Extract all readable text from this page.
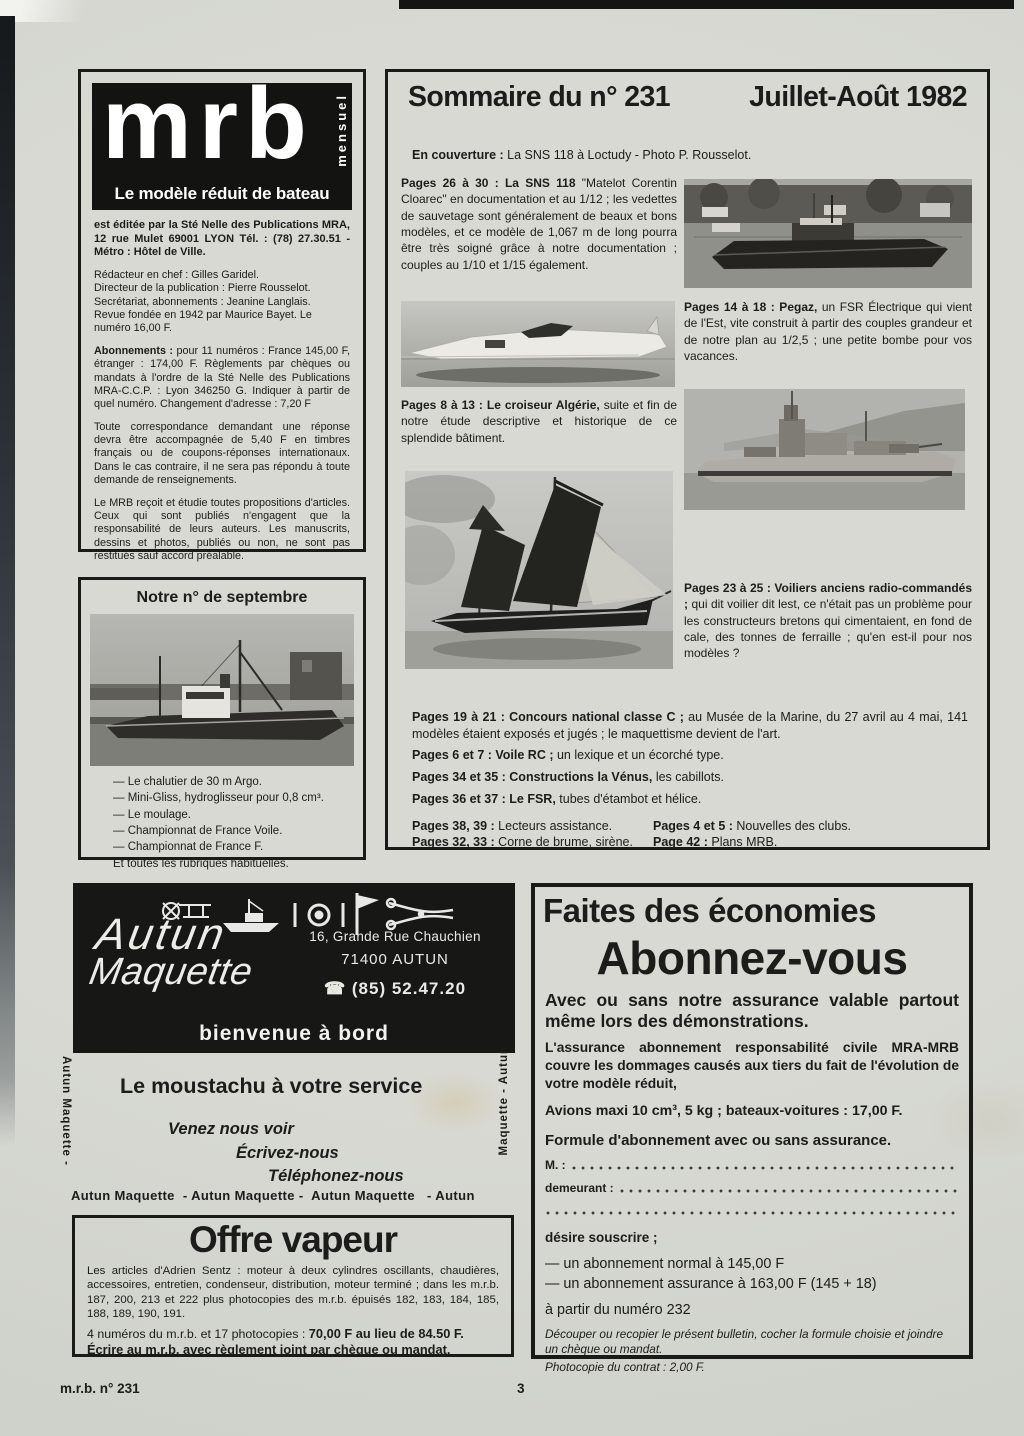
mrb mensuel
Le modèle réduit de bateau

est éditée par la Sté Nelle des Publications MRA, 12 rue Mulet 69001 LYON Tél. : (78) 27.30.51 - Métro : Hôtel de Ville.

Rédacteur en chef : Gilles Garidel.
Directeur de la publication : Pierre Rousselot.
Secrétariat, abonnements : Jeanine Langlais.
Revue fondée en 1942 par Maurice Bayet. Le numéro 16,00 F.

Abonnements : pour 11 numéros : France 145,00 F, étranger : 174,00 F. Règlements par chèques ou mandats à l'ordre de la Sté Nelle des Publications MRA-C.C.P. : Lyon 346250 G. Indiquer à partir de quel numéro. Changement d'adresse : 7,20 F

Toute correspondance demandant une réponse devra être accompagnée de 5,40 F en timbres français ou de coupons-réponses internationaux. Dans le cas contraire, il ne sera pas répondu à toute demande de renseignements.

Le MRB reçoit et étudie toutes propositions d'articles. Ceux qui sont publiés n'engagent que la responsabilité de leurs auteurs. Les manuscrits, dessins et photos, publiés ou non, ne sont pas restitués sauf accord préalable.

Notre n° de septembre
— Le chalutier de 30 m Argo.
— Mini-Gliss, hydroglisseur pour 0,8 cm³.
— Le moulage.
— Championnat de France Voile.
— Championnat de France F.
Et toutes les rubriques habituelles.
Sommaire du n° 231	Juillet-Août 1982

En couverture : La SNS 118 à Loctudy - Photo P. Rousselot.

Pages 26 à 30 : La SNS 118 "Matelot Corentin Cloarec" en documentation et au 1/12 ; les vedettes de sauvetage sont généralement de beaux et bons modèles, et ce modèle de 1,067 m de long pourra être très soigné grâce à notre documentation ; couples au 1/10 et 1/15 également.

Pages 8 à 13 : Le croiseur Algérie, suite et fin de notre étude descriptive et historique de ce splendide bâtiment.

Pages 14 à 18 : Pegaz, un FSR Électrique qui vient de l'Est, vite construit à partir des couples grandeur et de notre plan au 1/2,5 ; une petite bombe pour vos vacances.

Pages 23 à 25 : Voiliers anciens radio-commandés ; qui dit voilier dit lest, ce n'était pas un problème pour les constructeurs bretons qui cimentaient, en fond de cale, des tonnes de ferraille ; qu'en est-il pour nos modèles ?

Pages 19 à 21 : Concours national classe C ; au Musée de la Marine, du 27 avril au 4 mai, 141 modèles étaient exposés et jugés ; le maquettisme devient de l'art.

Pages 6 et 7 : Voile RC ; un lexique et un écorché type.

Pages 34 et 35 : Constructions la Vénus, les cabillots.

Pages 36 et 37 : Le FSR, tubes d'étambot et hélice.

Pages 38, 39 : Lecteurs assistance.

Pages 32, 33 : Corne de brume, sirène.

Pages 4 et 5 : Nouvelles des clubs.

Page 42 : Plans MRB.

Autun
Maquette
16, Grande Rue Chauchien
71400 AUTUN
☎ (85) 52.47.20
bienvenue à bord
Autun Maquette -	Maquette - Autun
Le moustachu à votre service
Venez nous voir
Écrivez-nous
Téléphonez-nous
Autun Maquette  - Autun Maquette -  Autun Maquette   - Autun
Offre vapeur

Les articles d'Adrien Sentz : moteur à deux cylindres oscillants, chaudières, accessoires, entretien, condenseur, distribution, moteur terminé ; dans les m.r.b. 187, 200, 213 et 222 plus photocopies des m.r.b. épuisés 182, 183, 184, 185, 188, 189, 190, 191.

4 numéros du m.r.b. et 17 photocopies : 70,00 F au lieu de 84.50 F.

Écrire au m.r.b. avec règlement joint par chèque ou mandat.

Faites des économies
Abonnez-vous

Avec ou sans notre assurance valable partout même lors des démonstrations.

L'assurance abonnement responsabilité civile MRA-MRB couvre les dommages causés aux tiers du fait de l'évolution de votre modèle réduit,

Avions maxi 10 cm³, 5 kg ; bateaux-voitures : 17,00 F.

Formule d'abonnement avec ou sans assurance.

M. :
demeurant :

désire souscrire ;

— un abonnement normal à 145,00 F

— un abonnement assurance à 163,00 F (145 + 18)

à partir du numéro 232

Découper ou recopier le présent bulletin, cocher la formule choisie et joindre un chèque ou mandat.

Photocopie du contrat : 2,00 F.

m.r.b. n° 231	3
